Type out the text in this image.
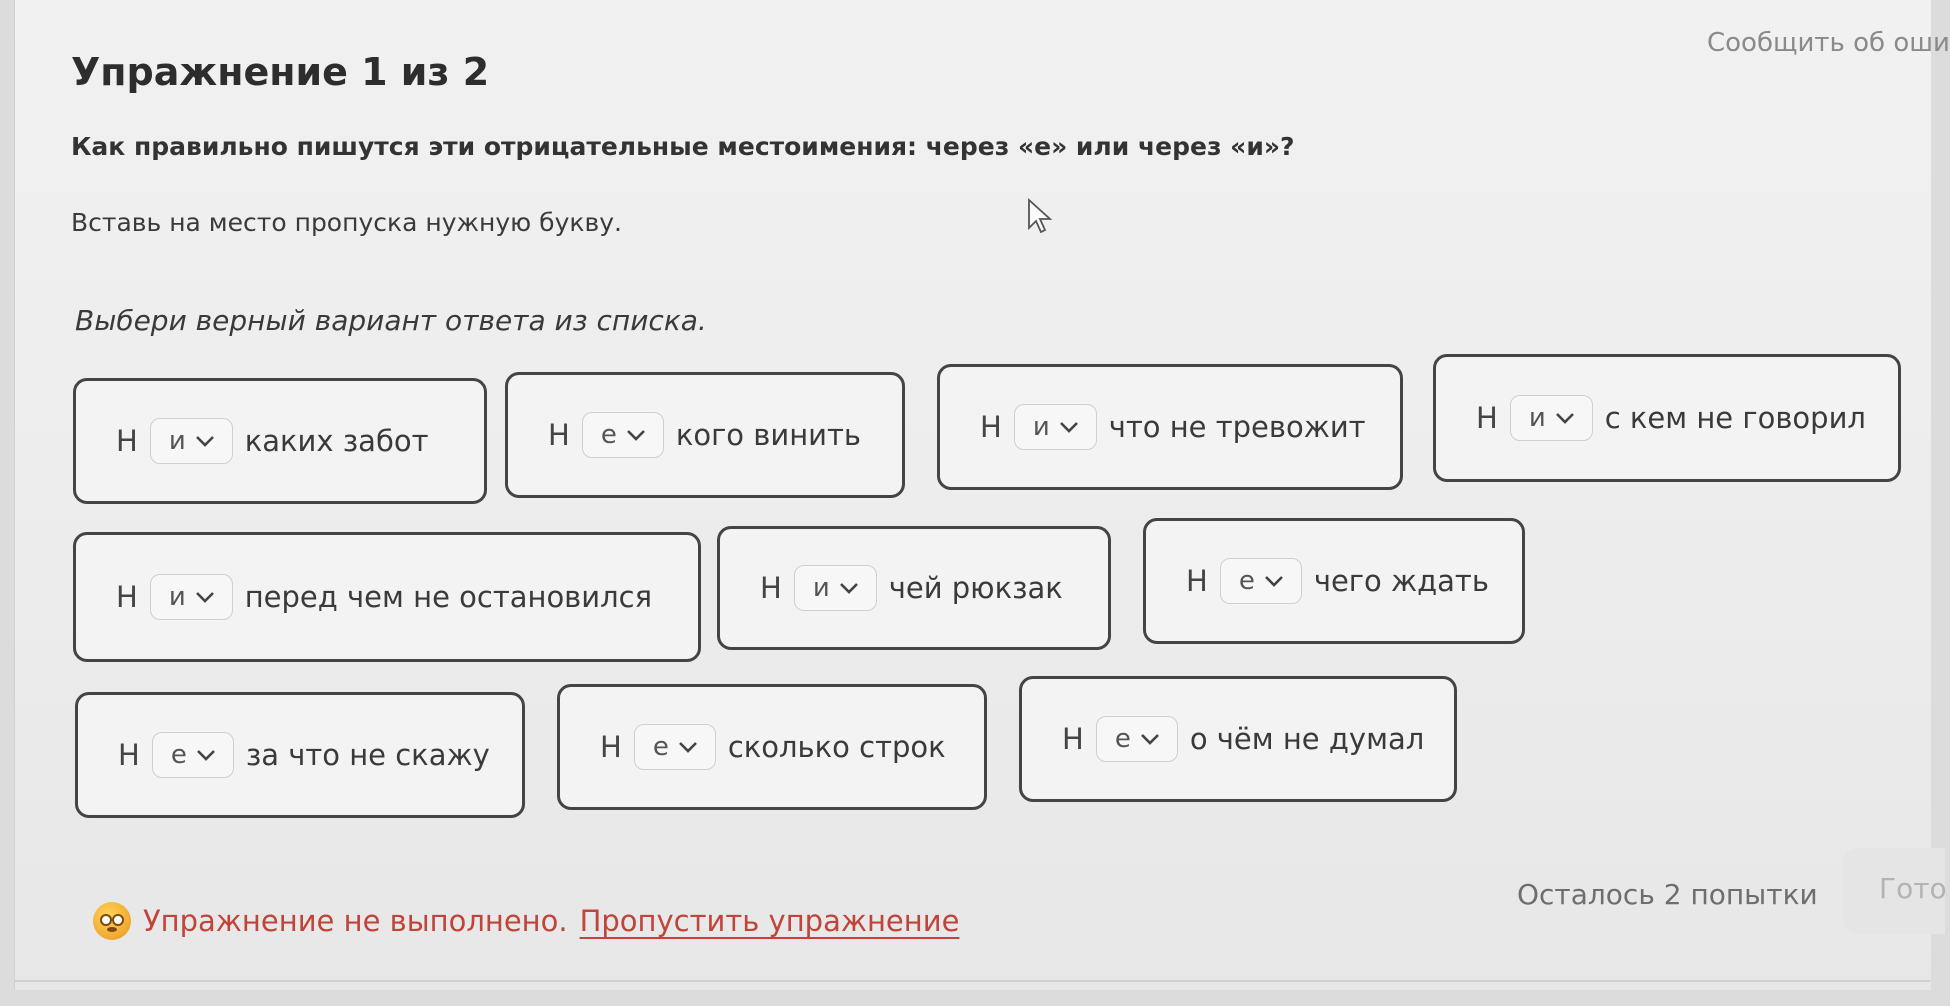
Сообщить об оши
Упражнение 1 из 2
Как правильно пишутся эти отрицательные местоимения: через «е» или через «и»?
Вставь на место пропуска нужную букву.
Выбери верный вариант ответа из списка.
Н и каких забот	Н е кого винить	Н и что не тревожит	Н и с кем не говорил
Н и перед чем не остановился	Н и чей рюкзак	Н е чего ждать
Н е за что не скажу	Н е сколько строк	Н е о чём не думал
Упражнение не выполнено. Пропустить упражнение
Осталось 2 попытки	Гото
